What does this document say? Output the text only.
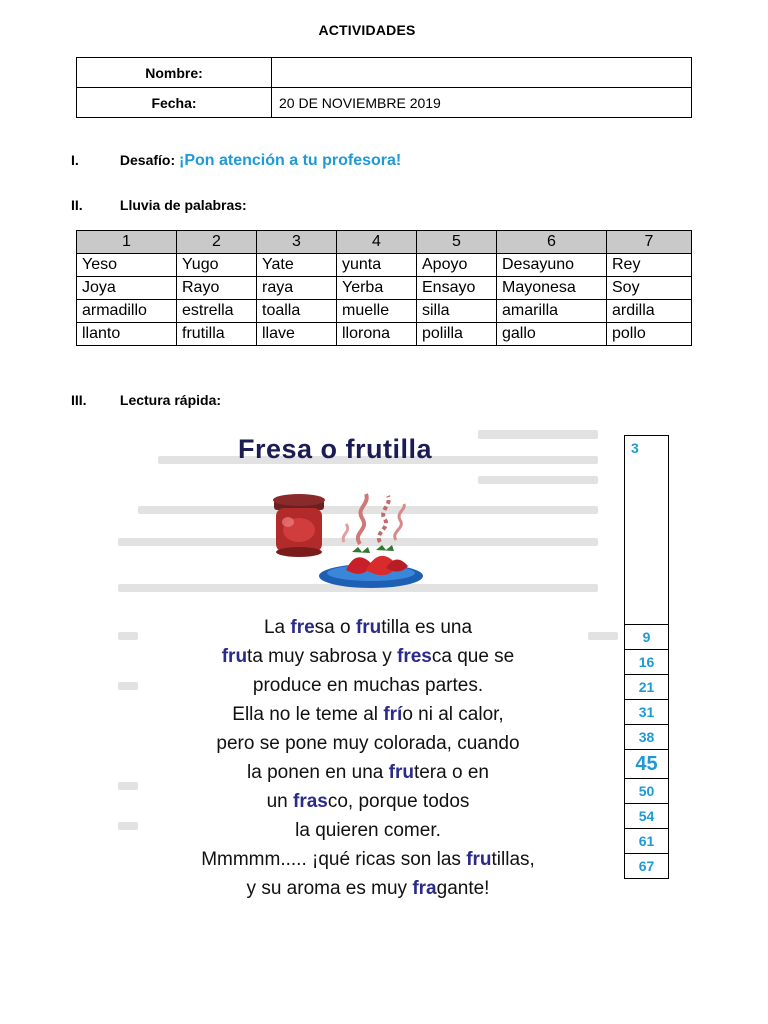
ACTIVIDADES
Nombre:	
Fecha:	20 DE NOVIEMBRE 2019
I.	Desafío: ¡Pon atención a tu profesora!
II.	Lluvia de palabras:
1	2	3	4	5	6	7
Yeso	Yugo	Yate	yunta	Apoyo	Desayuno	Rey
Joya	Rayo	raya	Yerba	Ensayo	Mayonesa	Soy
armadillo	estrella	toalla	muelle	silla	amarilla	ardilla
llanto	frutilla	llave	llorona	polilla	gallo	pollo
III. Lectura rápida:
Fresa o frutilla
La fresa o frutilla es una
fruta muy sabrosa y fresca que se
produce en muchas partes.
Ella no le teme al frío ni al calor,
pero se pone muy colorada, cuando
la ponen en una frutera o en
un frasco, porque todos
la quieren comer.
Mmmmm..... ¡qué ricas son las frutillas,
y su aroma es muy fragante!
3
9
16
21
31
38
45
50
54
61
67
